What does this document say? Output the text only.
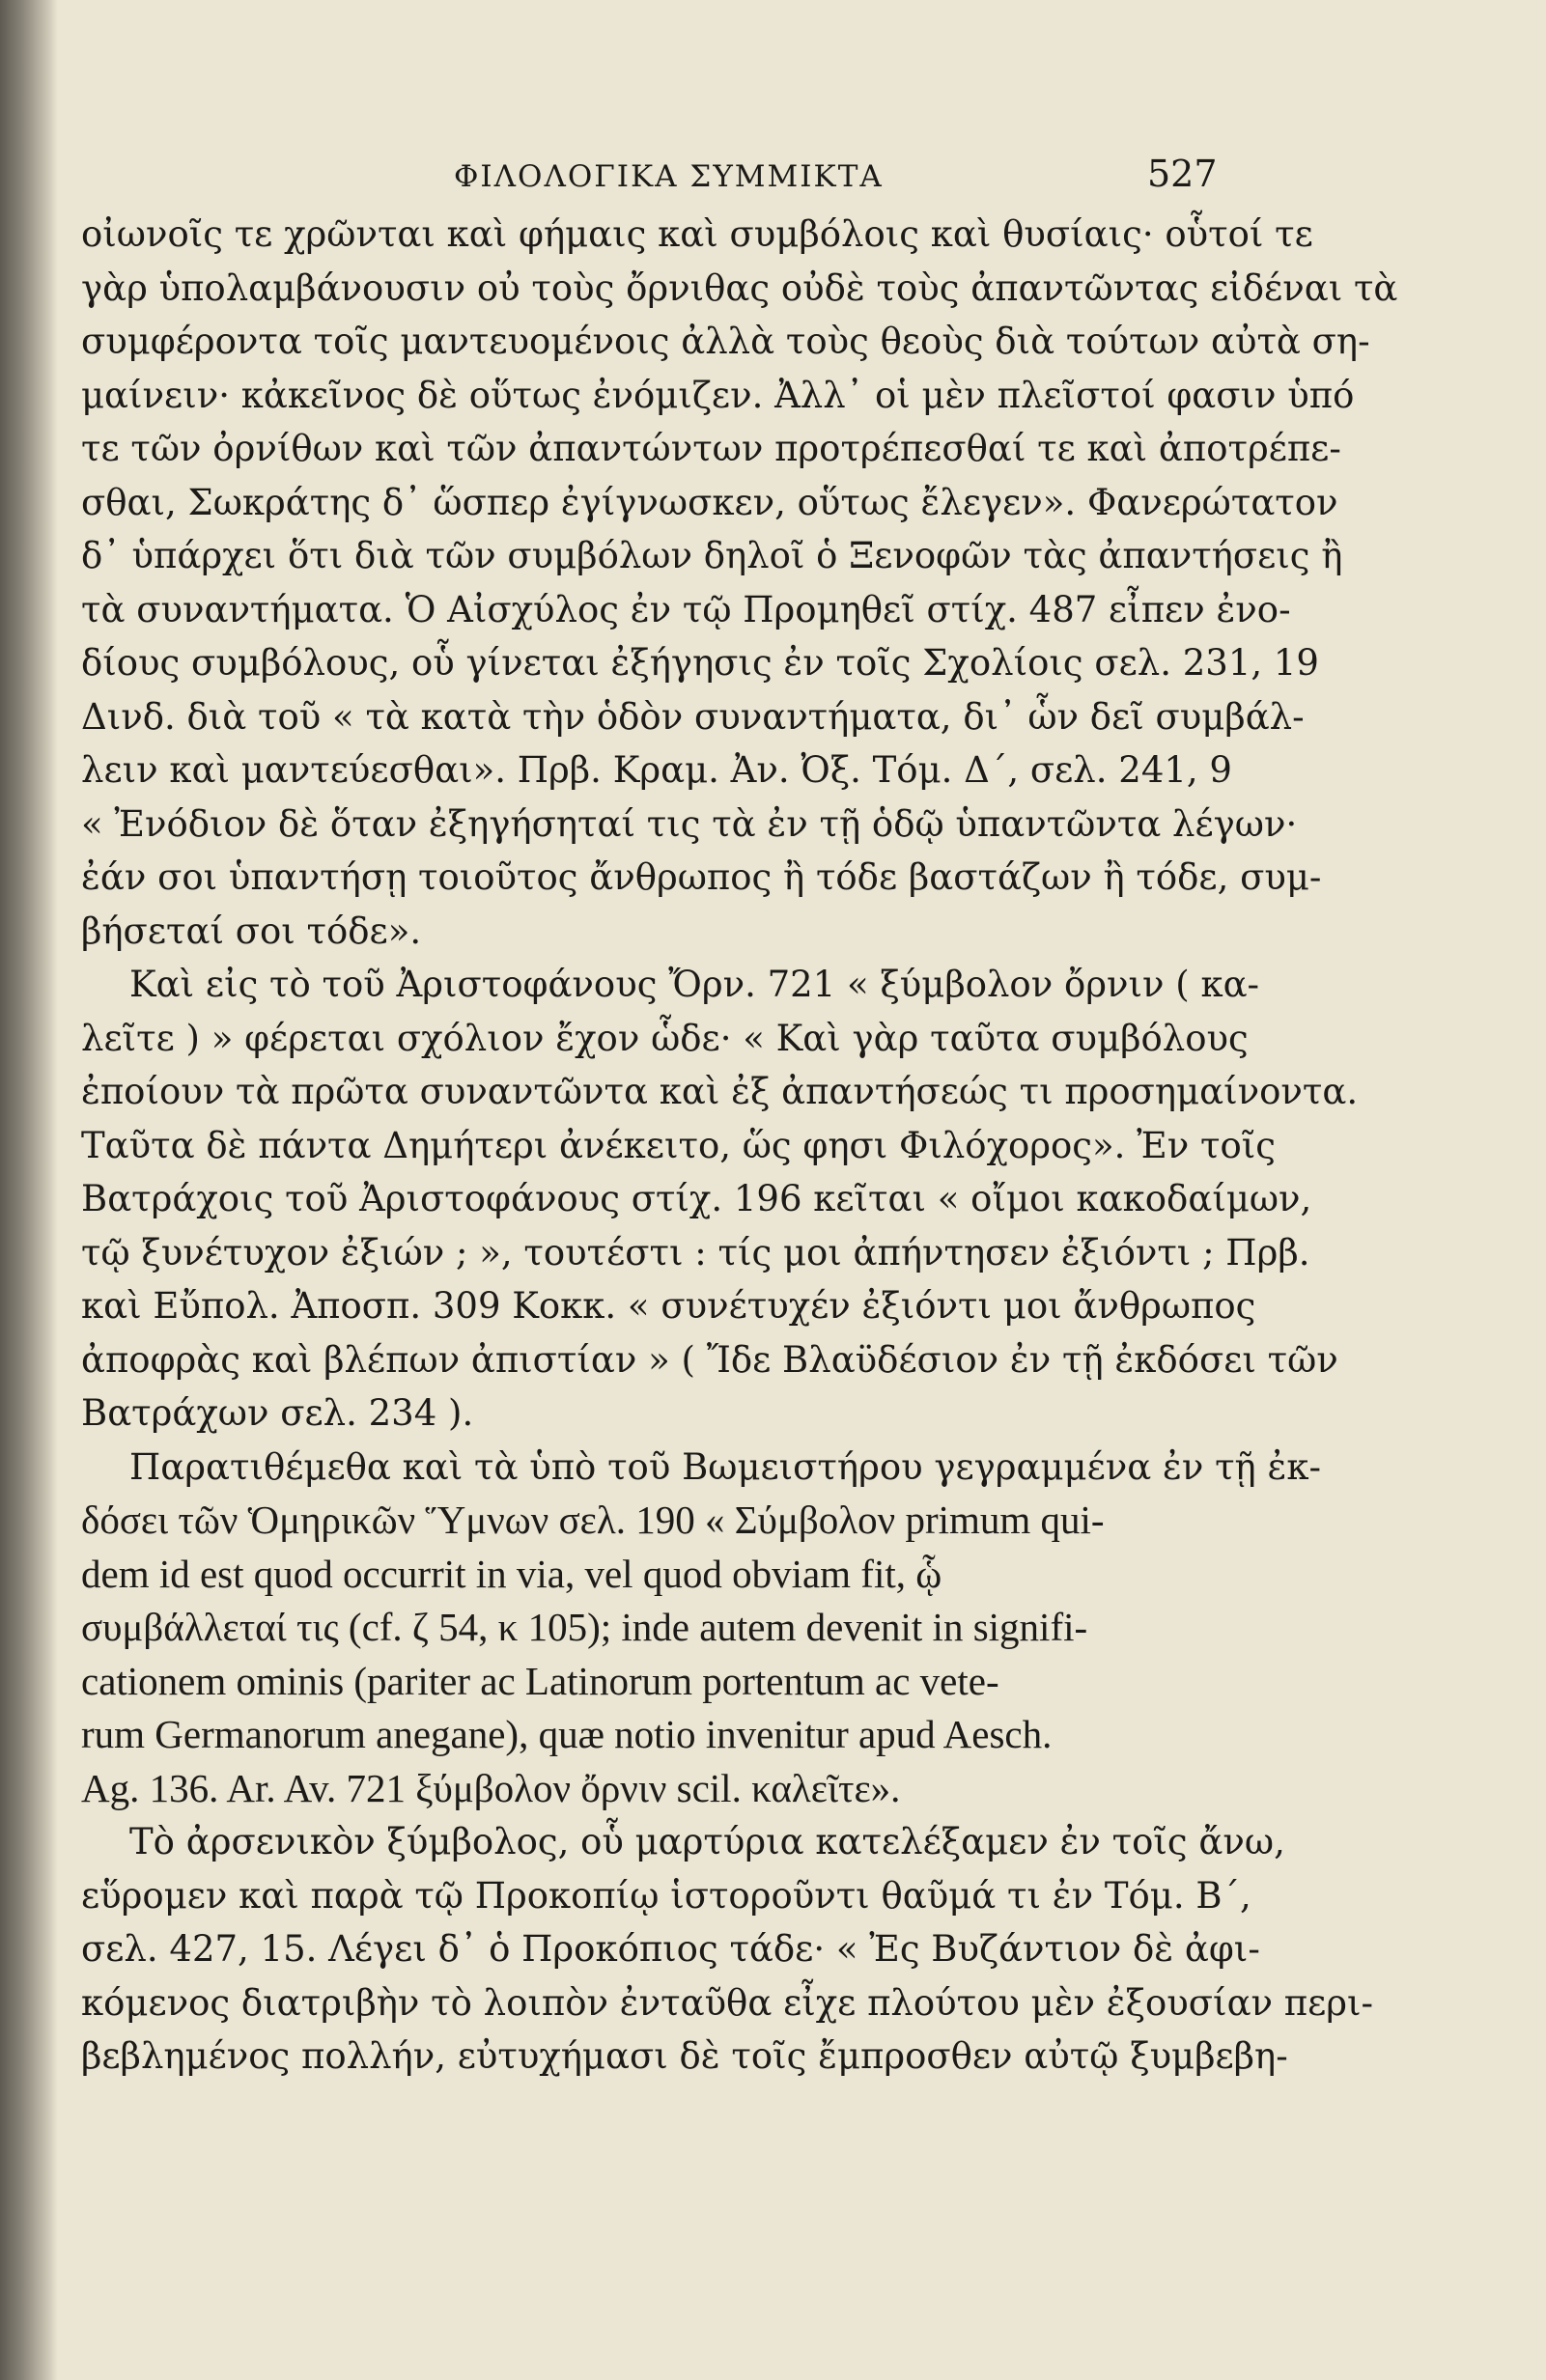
ΦΙΛΟΛΟΓΙΚΑ ΣΥΜΜΙΚΤΑ	527
οἰωνοῖς τε χρῶνται καὶ φήμαις καὶ συμβόλοις καὶ θυσίαις· οὗτοί τε
γὰρ ὑπολαμβάνουσιν οὐ τοὺς ὄρνιθας οὐδὲ τοὺς ἀπαντῶντας εἰδέναι τὰ
συμφέροντα τοῖς μαντευομένοις ἀλλὰ τοὺς θεοὺς διὰ τούτων αὐτὰ ση-
μαίνειν· κἀκεῖνος δὲ οὕτως ἐνόμιζεν. Ἀλλ᾽ οἱ μὲν πλεῖστοί φασιν ὑπό
τε τῶν ὀρνίθων καὶ τῶν ἀπαντώντων προτρέπεσθαί τε καὶ ἀποτρέπε-
σθαι, Σωκράτης δ᾽ ὥσπερ ἐγίγνωσκεν, οὕτως ἔλεγεν». Φανερώτατον
δ᾽ ὑπάρχει ὅτι διὰ τῶν συμβόλων δηλοῖ ὁ Ξενοφῶν τὰς ἀπαντήσεις ἢ
τὰ συναντήματα. Ὁ Αἰσχύλος ἐν τῷ Προμηθεῖ στίχ. 487 εἶπεν ἐνο-
δίους συμβόλους, οὗ γίνεται ἐξήγησις ἐν τοῖς Σχολίοις σελ. 231, 19
Δινδ. διὰ τοῦ « τὰ κατὰ τὴν ὁδὸν συναντήματα, δι᾽ ὧν δεῖ συμβάλ-
λειν καὶ μαντεύεσθαι». Πρβ. Κραμ. Ἀν. Ὀξ. Τόμ. Δ´, σελ. 241, 9
« Ἐνόδιον δὲ ὅταν ἐξηγήσηταί τις τὰ ἐν τῇ ὁδῷ ὑπαντῶντα λέγων·
ἐάν σοι ὑπαντήσῃ τοιοῦτος ἄνθρωπος ἢ τόδε βαστάζων ἢ τόδε, συμ-
βήσεταί σοι τόδε».
Καὶ εἰς τὸ τοῦ Ἀριστοφάνους Ὄρν. 721 « ξύμβολον ὄρνιν ( κα-
λεῖτε ) » φέρεται σχόλιον ἔχον ὧδε· « Καὶ γὰρ ταῦτα συμβόλους
ἐποίουν τὰ πρῶτα συναντῶντα καὶ ἐξ ἀπαντήσεώς τι προσημαίνοντα.
Ταῦτα δὲ πάντα Δημήτερι ἀνέκειτο, ὥς φησι Φιλόχορος». Ἐν τοῖς
Βατράχοις τοῦ Ἀριστοφάνους στίχ. 196 κεῖται « οἴμοι κακοδαίμων,
τῷ ξυνέτυχον ἐξιών ; », τουτέστι : τίς μοι ἀπήντησεν ἐξιόντι ; Πρβ.
καὶ Εὔπολ. Ἀποσπ. 309 Κοκκ. « συνέτυχέν ἐξιόντι μοι ἄνθρωπος
ἀποφρὰς καὶ βλέπων ἀπιστίαν » ( Ἴδε Βλαϋδέσιον ἐν τῇ ἐκδόσει τῶν
Βατράχων σελ. 234 ).
Παρατιθέμεθα καὶ τὰ ὑπὸ τοῦ Βωμειστήρου γεγραμμένα ἐν τῇ ἐκ-
δόσει τῶν Ὁμηρικῶν Ὕμνων σελ. 190 « Σύμβολον primum qui-
dem id est quod occurrit in via, vel quod obviam fit, ᾧ
συμβάλλεταί τις (cf. ζ 54, κ 105); inde autem devenit in signifi-
cationem ominis (pariter ac Latinorum portentum ac vete-
rum Germanorum anegane), quæ notio invenitur apud Aesch.
Ag. 136. Ar. Av. 721 ξύμβολον ὄρνιν scil. καλεῖτε».
Τὸ ἀρσενικὸν ξύμβολος, οὗ μαρτύρια κατελέξαμεν ἐν τοῖς ἄνω,
εὕρομεν καὶ παρὰ τῷ Προκοπίῳ ἱστοροῦντι θαῦμά τι ἐν Τόμ. Β´,
σελ. 427, 15. Λέγει δ᾽ ὁ Προκόπιος τάδε· « Ἐς Βυζάντιον δὲ ἀφι-
κόμενος διατριβὴν τὸ λοιπὸν ἐνταῦθα εἶχε πλούτου μὲν ἐξουσίαν περι-
βεβλημένος πολλήν, εὐτυχήμασι δὲ τοῖς ἔμπροσθεν αὐτῷ ξυμβεβη-
